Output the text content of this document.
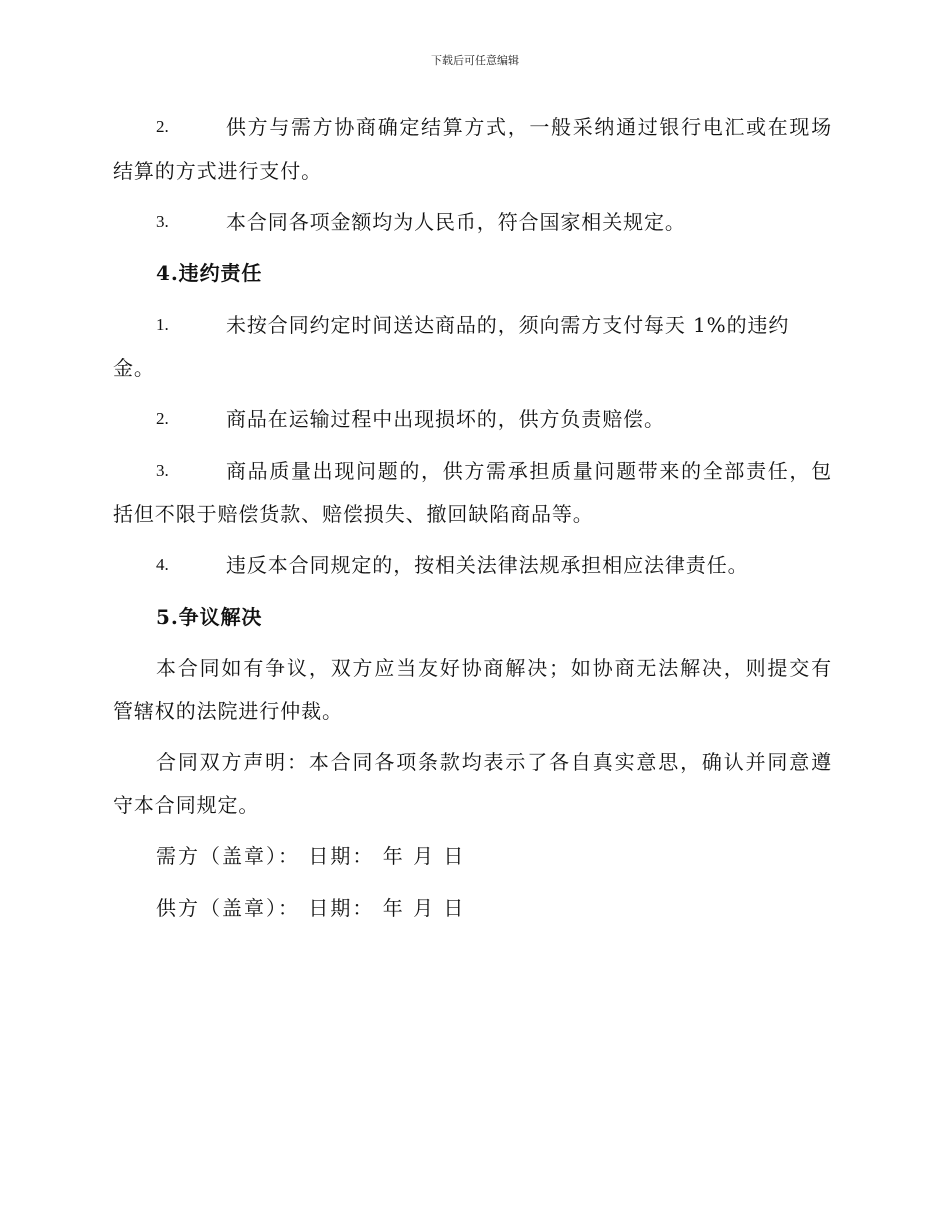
下载后可任意编辑
2.	供方与需方协商确定结算方式，一般采纳通过银行电汇或在现场
结算的方式进行支付。
3.	本合同各项金额均为人民币，符合国家相关规定。
4.违约责任
1.	未按合同约定时间送达商品的，须向需方支付每天 1%的违约
金。
2.	商品在运输过程中出现损坏的，供方负责赔偿。
3.	商品质量出现问题的，供方需承担质量问题带来的全部责任，包
括但不限于赔偿货款、赔偿损失、撤回缺陷商品等。
4.	违反本合同规定的，按相关法律法规承担相应法律责任。
5.争议解决
本合同如有争议，双方应当友好协商解决；如协商无法解决，则提交有
管辖权的法院进行仲裁。
合同双方声明：本合同各项条款均表示了各自真实意思，确认并同意遵
守本合同规定。
需方（盖章）： 日期： 年 月 日
供方（盖章）： 日期： 年 月 日
